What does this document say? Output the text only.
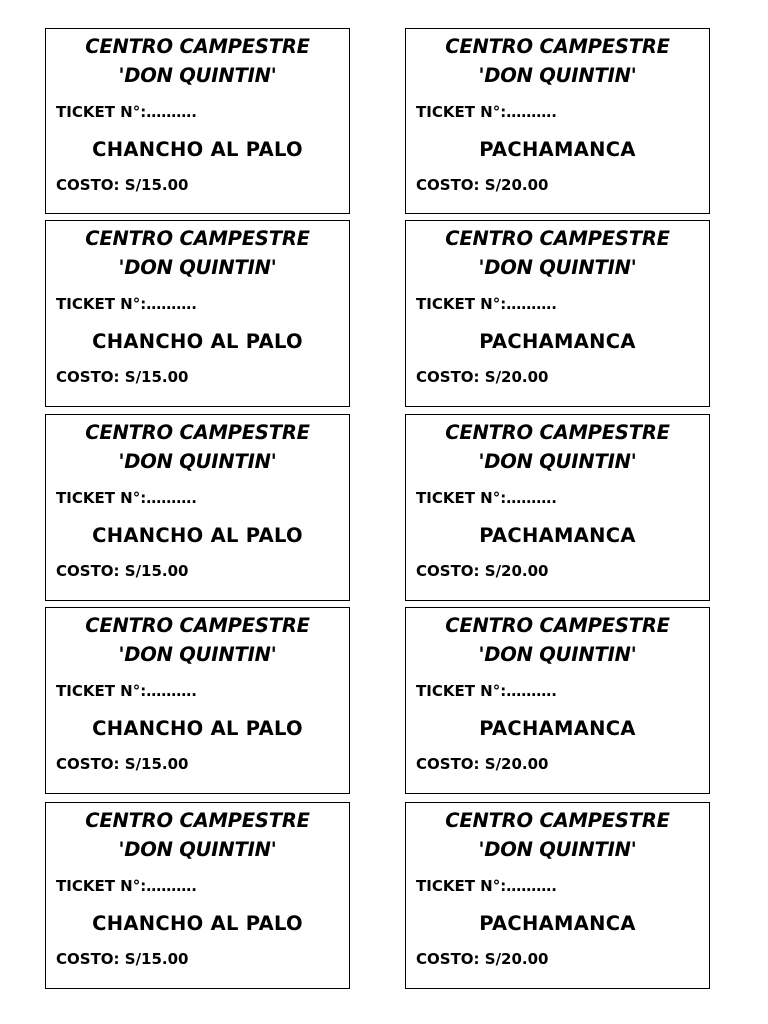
CENTRO CAMPESTRE
'DON QUINTIN'
TICKET N°:……….
CHANCHO AL PALO
COSTO: S/15.00
CENTRO CAMPESTRE
'DON QUINTIN'
TICKET N°:……….
PACHAMANCA
COSTO: S/20.00
CENTRO CAMPESTRE
'DON QUINTIN'
TICKET N°:……….
CHANCHO AL PALO
COSTO: S/15.00
CENTRO CAMPESTRE
'DON QUINTIN'
TICKET N°:……….
PACHAMANCA
COSTO: S/20.00
CENTRO CAMPESTRE
'DON QUINTIN'
TICKET N°:……….
CHANCHO AL PALO
COSTO: S/15.00
CENTRO CAMPESTRE
'DON QUINTIN'
TICKET N°:……….
PACHAMANCA
COSTO: S/20.00
CENTRO CAMPESTRE
'DON QUINTIN'
TICKET N°:……….
CHANCHO AL PALO
COSTO: S/15.00
CENTRO CAMPESTRE
'DON QUINTIN'
TICKET N°:……….
PACHAMANCA
COSTO: S/20.00
CENTRO CAMPESTRE
'DON QUINTIN'
TICKET N°:……….
CHANCHO AL PALO
COSTO: S/15.00
CENTRO CAMPESTRE
'DON QUINTIN'
TICKET N°:……….
PACHAMANCA
COSTO: S/20.00
